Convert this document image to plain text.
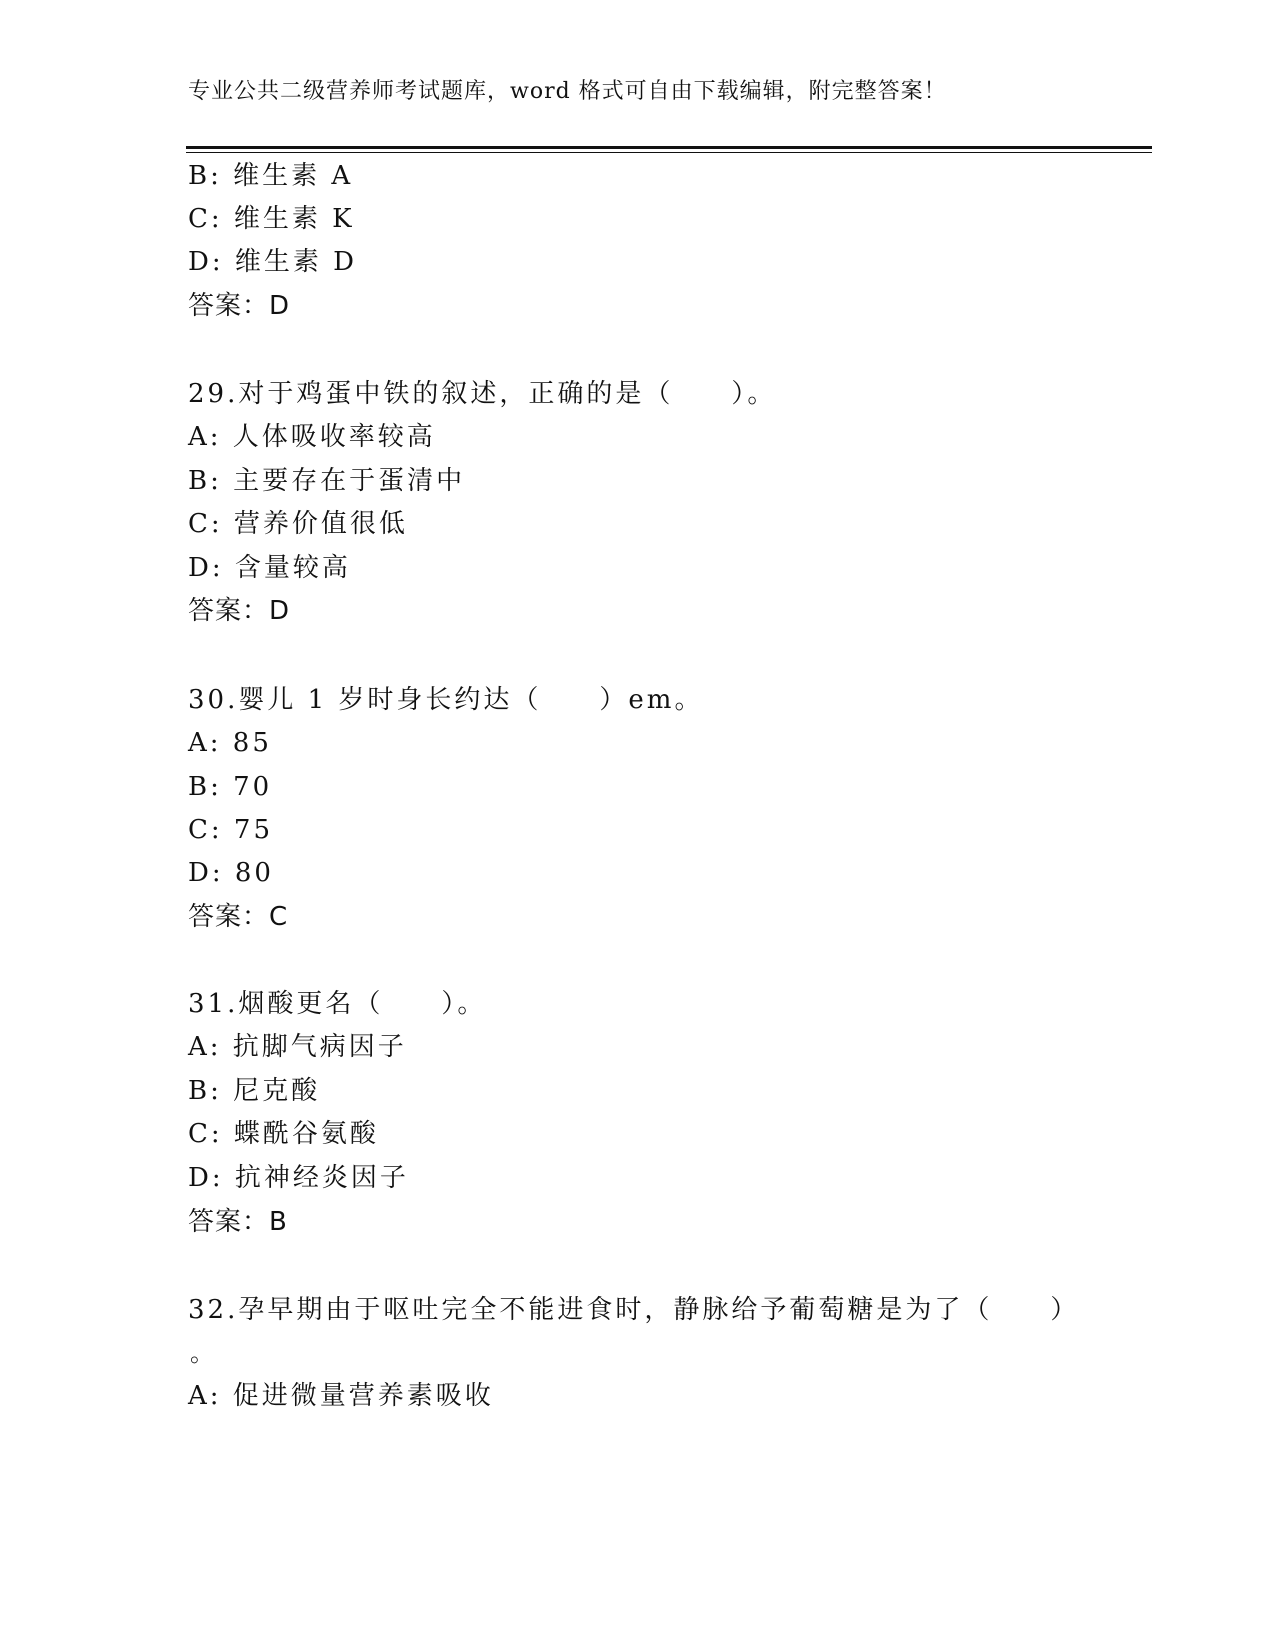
专业公共二级营养师考试题库，word 格式可自由下载编辑，附完整答案！
B: 维生素 A
C: 维生素 K
D: 维生素 D
答案：D
29.对于鸡蛋中铁的叙述，正确的是（　　）。
A: 人体吸收率较高
B: 主要存在于蛋清中
C: 营养价值很低
D: 含量较高
答案：D
30.婴儿 1 岁时身长约达（　　）em。
A: 85
B: 70
C: 75
D: 80
答案：C
31.烟酸更名（　　）。
A: 抗脚气病因子
B: 尼克酸
C: 蝶酰谷氨酸
D: 抗神经炎因子
答案：B
32.孕早期由于呕吐完全不能进食时，静脉给予葡萄糖是为了（　　）
。
A: 促进微量营养素吸收
